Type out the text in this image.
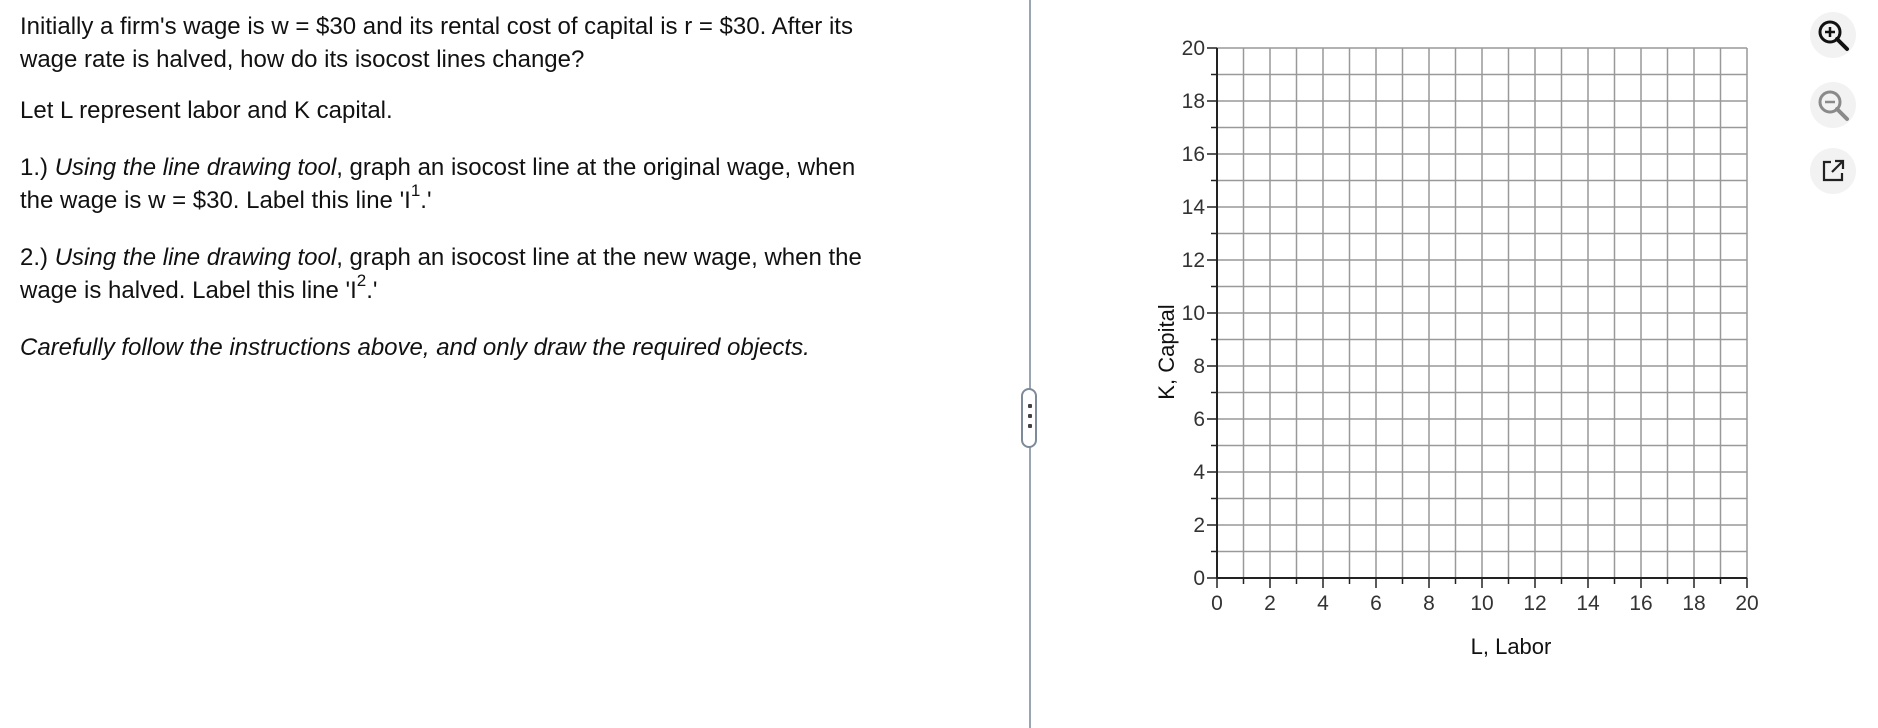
Initially a firm's wage is w = $30 and its rental cost of capital is r = $30. After its
wage rate is halved, how do its isocost lines change?

Let L represent labor and K capital.

1.) Using the line drawing tool, graph an isocost line at the original wage, when
the wage is w = $30. Label this line '$I^1$.'

2.) Using the line drawing tool, graph an isocost line at the new wage, when the
wage is halved. Label this line '$I^2$.'

Carefully follow the instructions above, and only draw the required objects.

0 2 4 6 8 10 12 14 16 18 20
0
2
4
6
8
10
12
14
16
18
20
K, Capital
L, Labor
